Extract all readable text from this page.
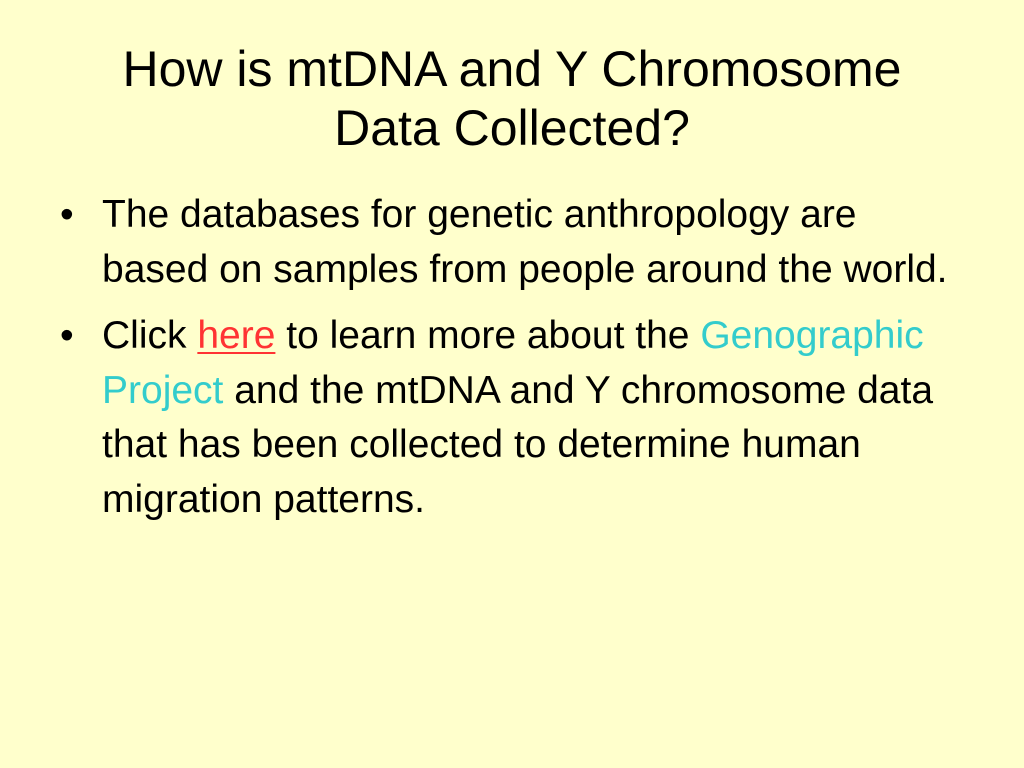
How is mtDNA and Y Chromosome
Data Collected?
• The databases for genetic anthropology are based on samples from people around the world.
• Click here to learn more about the Genographic Project and the mtDNA and Y chromosome data that has been collected to determine human migration patterns.
